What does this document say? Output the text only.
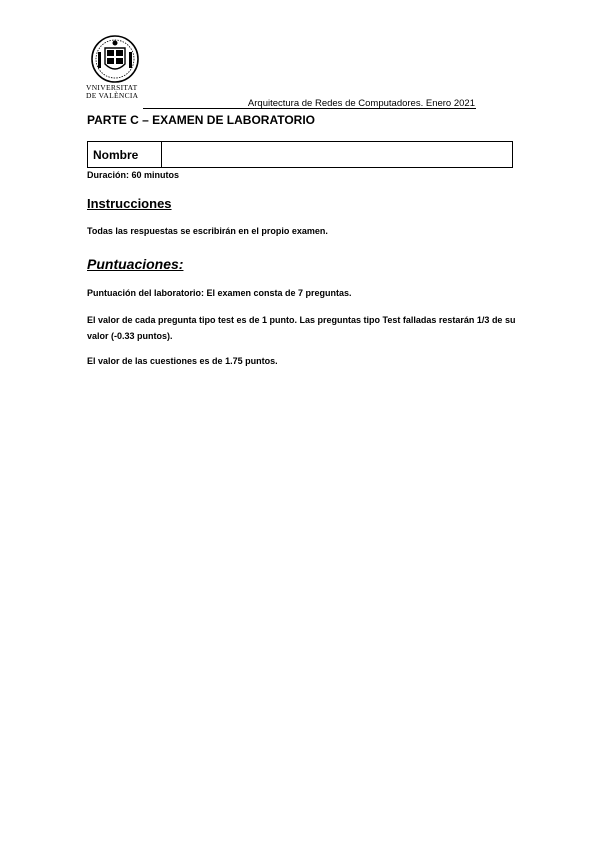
VNIVERSITAT
DE VALÈNCIA
Arquitectura de Redes de Computadores. Enero 2021
PARTE C – EXAMEN DE LABORATORIO
Nombre
Duración: 60 minutos
Instrucciones
Todas las respuestas se escribirán en el propio examen.
Puntuaciones:
Puntuación del laboratorio: El examen consta de 7 preguntas.
El valor de cada pregunta tipo test es de 1 punto. Las preguntas tipo Test falladas restarán 1/3 de su valor (-0.33 puntos).
El valor de las cuestiones es de 1.75 puntos.
